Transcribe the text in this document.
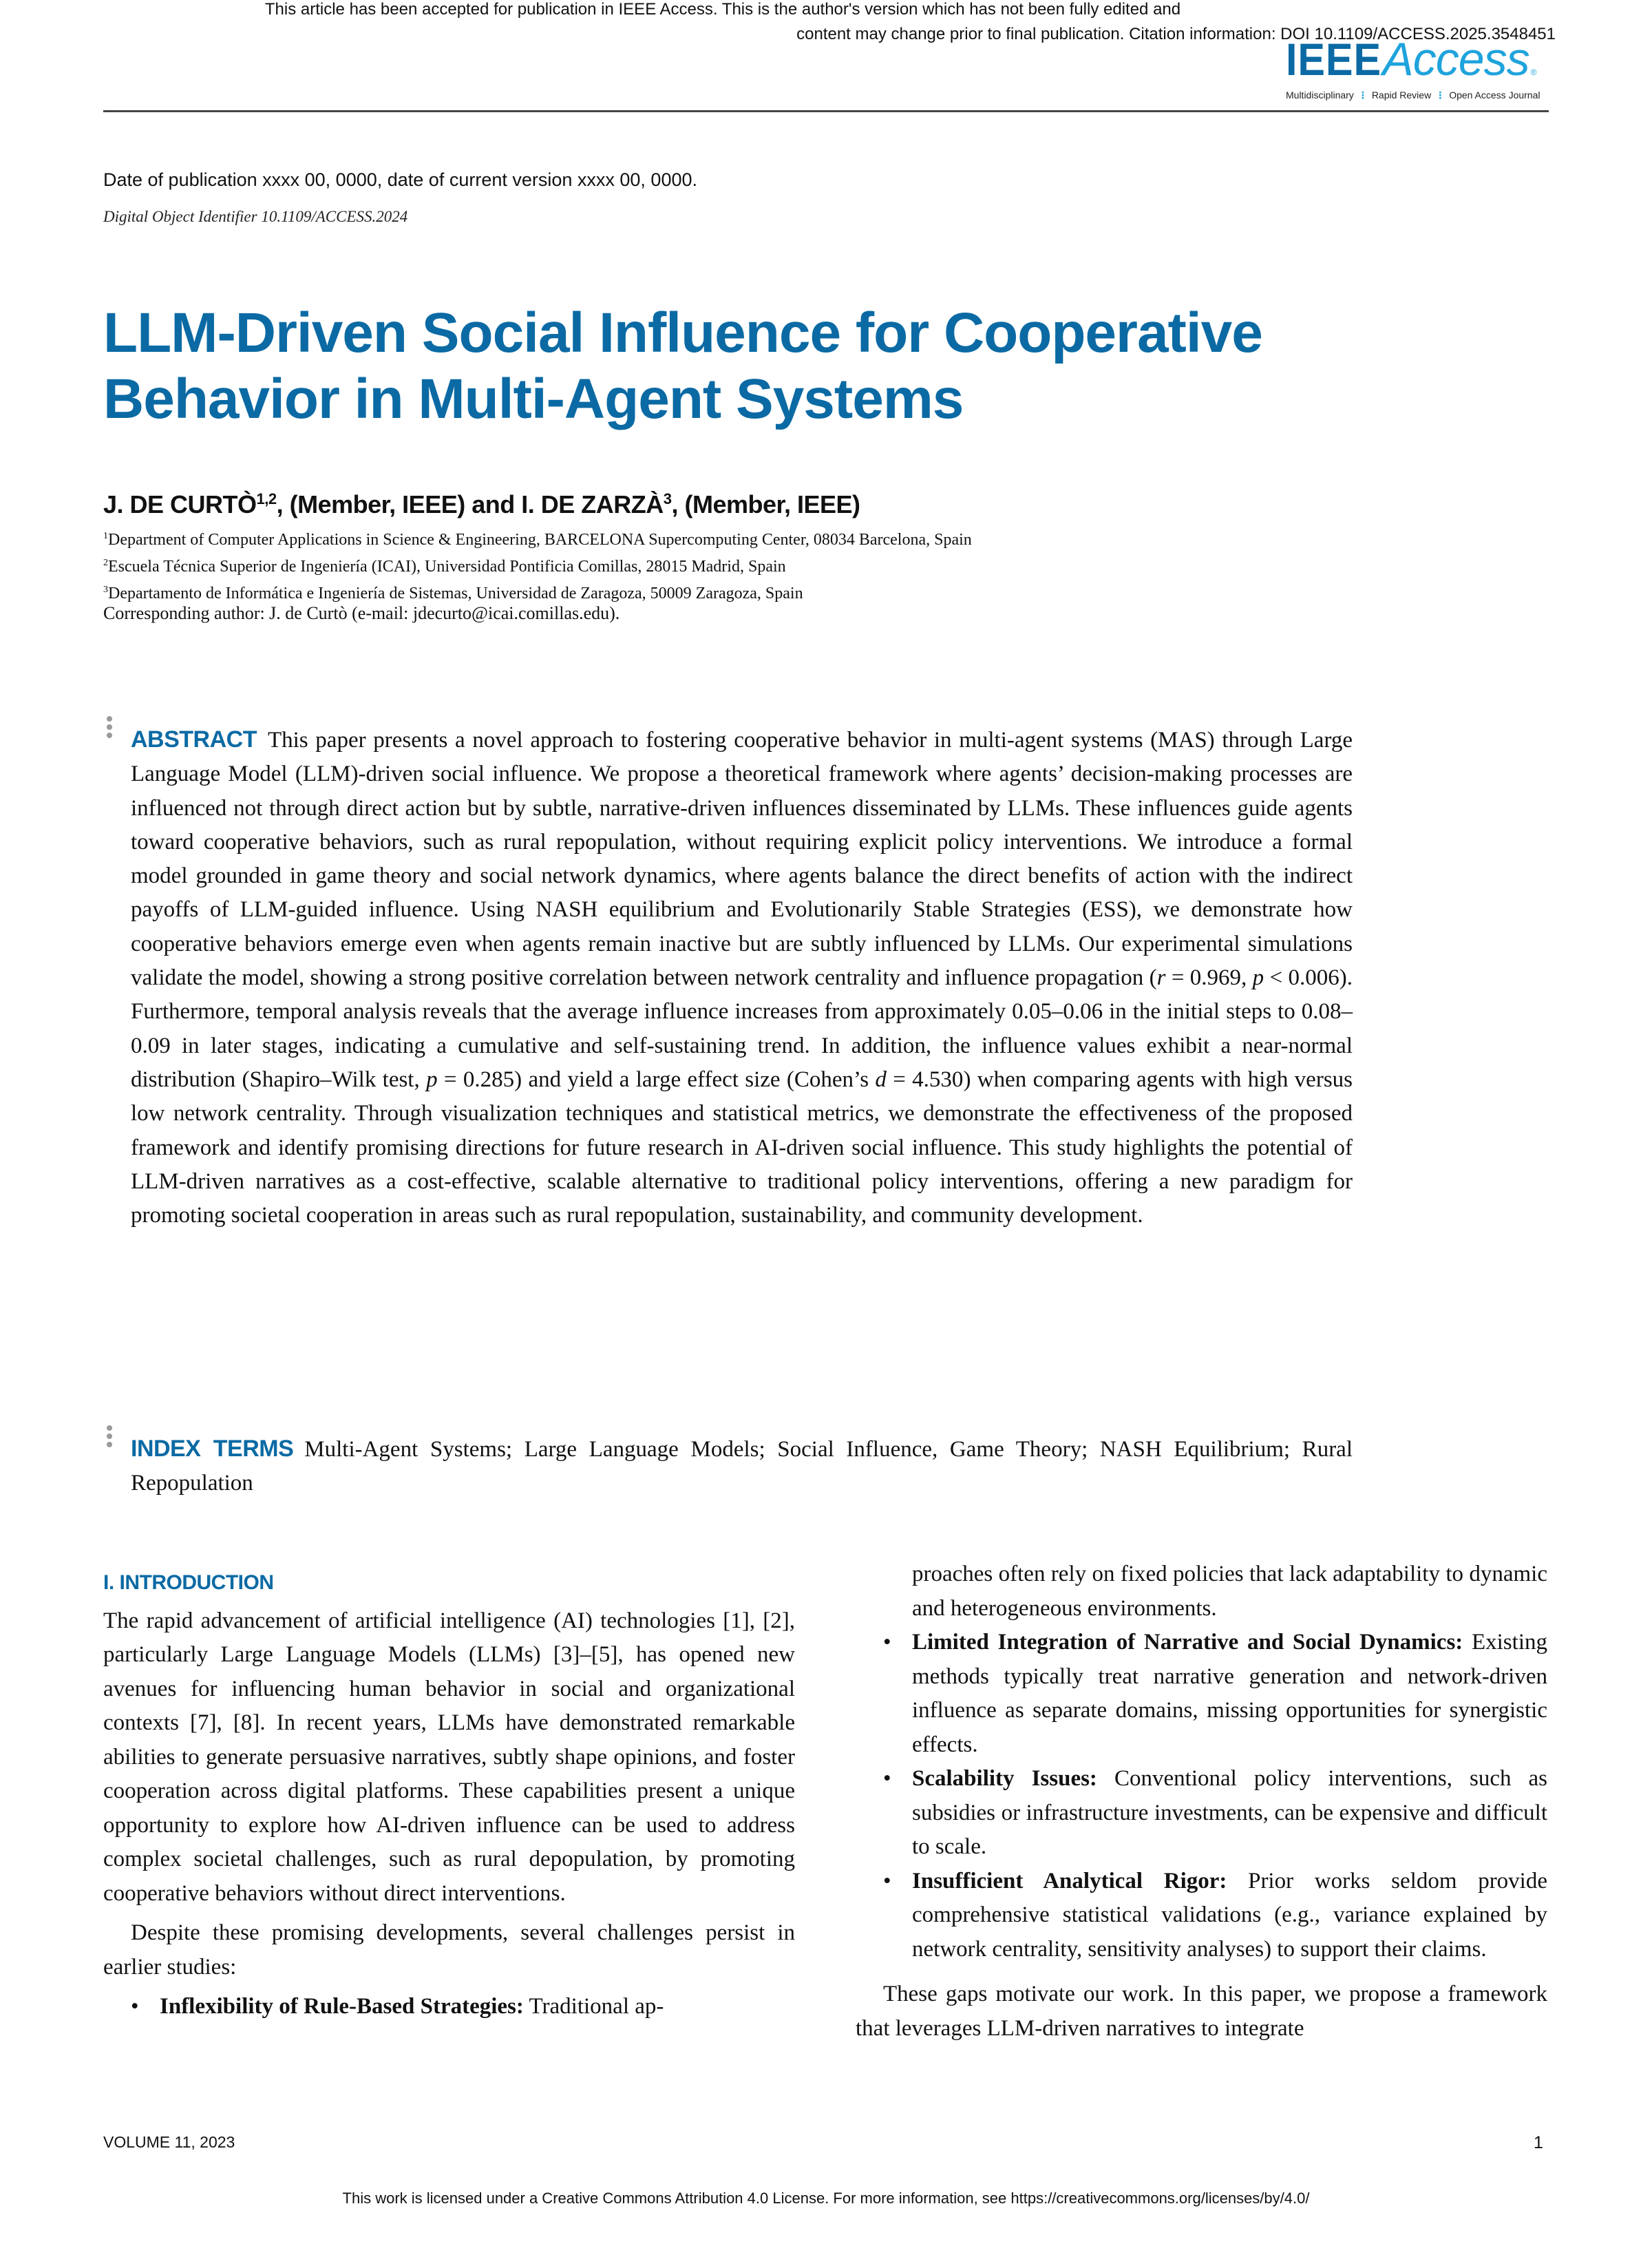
This article has been accepted for publication in IEEE Access. This is the author's version which has not been fully edited and
content may change prior to final publication. Citation information: DOI 10.1109/ACCESS.2025.3548451
IEEE Access ®
Multidisciplinary ⋮ Rapid Review ⋮ Open Access Journal
Date of publication xxxx 00, 0000, date of current version xxxx 00, 0000.
Digital Object Identifier 10.1109/ACCESS.2024
LLM-Driven Social Influence for Cooperative
Behavior in Multi-Agent Systems
J. DE CURTÒ$^{1,2}$, (Member, IEEE) and I. DE ZARZÀ$^3$, (Member, IEEE)
$^1$Department of Computer Applications in Science & Engineering, BARCELONA Supercomputing Center, 08034 Barcelona, Spain
$^2$Escuela Técnica Superior de Ingeniería (ICAI), Universidad Pontificia Comillas, 28015 Madrid, Spain
$^3$Departamento de Informática e Ingeniería de Sistemas, Universidad de Zaragoza, 50009 Zaragoza, Spain
Corresponding author: J. de Curtò (e-mail: jdecurto@icai.comillas.edu).
ABSTRACT This paper presents a novel approach to fostering cooperative behavior in multi-agent systems (MAS) through Large Language Model (LLM)-driven social influence. We propose a theoretical framework where agents’ decision-making processes are influenced not through direct action but by subtle, narrative-driven influences disseminated by LLMs. These influences guide agents toward cooperative behaviors, such as rural repopulation, without requiring explicit policy interventions. We introduce a formal model grounded in game theory and social network dynamics, where agents balance the direct benefits of action with the indirect payoffs of LLM-guided influence. Using NASH equilibrium and Evolutionarily Stable Strategies (ESS), we demonstrate how cooperative behaviors emerge even when agents remain inactive but are subtly influenced by LLMs. Our experimental simulations validate the model, showing a strong positive correlation between network centrality and influence propagation (r = 0.969, p < 0.006). Furthermore, temporal analysis reveals that the average influence increases from approximately 0.05–0.06 in the initial steps to 0.08–0.09 in later stages, indicating a cumulative and self-sustaining trend. In addition, the influence values exhibit a near-normal distribution (Shapiro–Wilk test, p = 0.285) and yield a large effect size (Cohen’s d = 4.530) when comparing agents with high versus low network centrality. Through visualization techniques and statistical metrics, we demonstrate the effectiveness of the proposed framework and identify promising directions for future research in AI-driven social influence. This study highlights the potential of LLM-driven narratives as a cost-effective, scalable alternative to traditional policy interventions, offering a new paradigm for promoting societal cooperation in areas such as rural repopulation, sustainability, and community development.
INDEX TERMS Multi-Agent Systems; Large Language Models; Social Influence, Game Theory; NASH Equilibrium; Rural Repopulation
I. INTRODUCTION

The rapid advancement of artificial intelligence (AI) technologies [1], [2], particularly Large Language Models (LLMs) [3]–[5], has opened new avenues for influencing human behavior in social and organizational contexts [7], [8]. In recent years, LLMs have demonstrated remarkable abilities to generate persuasive narratives, subtly shape opinions, and foster cooperation across digital platforms. These capabilities present a unique opportunity to explore how AI-driven influence can be used to address complex societal challenges, such as rural depopulation, by promoting cooperative behaviors without direct interventions.

Despite these promising developments, several challenges persist in earlier studies:

• Inflexibility of Rule-Based Strategies: Traditional ap-
proaches often rely on fixed policies that lack adaptability to dynamic and heterogeneous environments.
• Limited Integration of Narrative and Social Dynamics: Existing methods typically treat narrative generation and network-driven influence as separate domains, missing opportunities for synergistic effects.
• Scalability Issues: Conventional policy interventions, such as subsidies or infrastructure investments, can be expensive and difficult to scale.
• Insufficient Analytical Rigor: Prior works seldom provide comprehensive statistical validations (e.g., variance explained by network centrality, sensitivity analyses) to support their claims.

These gaps motivate our work. In this paper, we propose a framework that leverages LLM-driven narratives to integrate

VOLUME 11, 2023	1
This work is licensed under a Creative Commons Attribution 4.0 License. For more information, see https://creativecommons.org/licenses/by/4.0/
